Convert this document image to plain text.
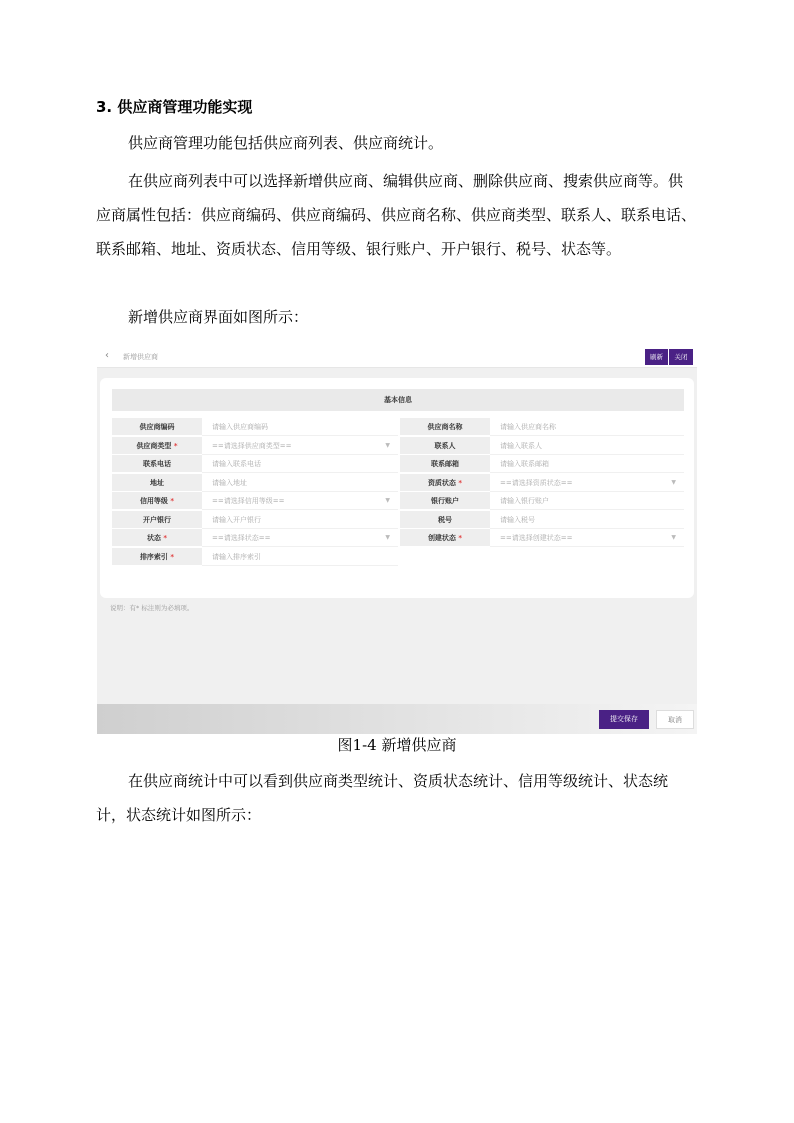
3. 供应商管理功能实现
供应商管理功能包括供应商列表、供应商统计。
在供应商列表中可以选择新增供应商、编辑供应商、删除供应商、搜索供应商等。供应商属性包括：供应商编码、供应商编码、供应商名称、供应商类型、联系人、联系电话、联系邮箱、地址、资质状态、信用等级、银行账户、开户银行、税号、状态等。
新增供应商界面如图所示：
‹ 新增供应商	刷新	关闭
基本信息
供应商编码	请输入供应商编码	供应商名称	请输入供应商名称
供应商类型 *	==请选择供应商类型==	▼	联系人	请输入联系人
联系电话	请输入联系电话	联系邮箱	请输入联系邮箱
地址	请输入地址	资质状态 *	==请选择资质状态==	▼
信用等级 *	==请选择信用等级==	▼	银行账户	请输入银行账户
开户银行	请输入开户银行	税号	请输入税号
状态 *	==请选择状态==	▼	创建状态 *	==请选择创建状态==	▼
排序索引 *	请输入排序索引
说明：有* 标注则为必填项。
提交保存	取消
图1-4 新增供应商
在供应商统计中可以看到供应商类型统计、资质状态统计、信用等级统计、状态统计，状态统计如图所示：
